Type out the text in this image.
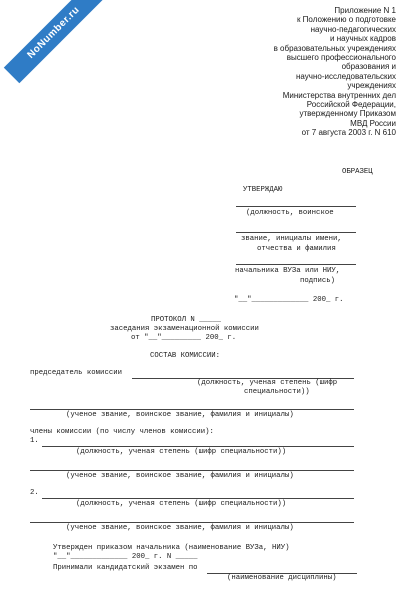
NoNumber.ru	Приложение N 1
к Положению о подготовке
научно-педагогических
и научных кадров
в образовательных учреждениях
высшего профессионального
образования и
научно-исследовательских
учреждениях
Министерства внутренних дел
Российской Федерации,
утвержденному Приказом
МВД России
от 7 августа 2003 г. N 610
ОБРАЗЕЦ
УТВЕРЖДАЮ
(должность, воинское
звание, инициалы имени,
отчества и фамилия
начальника ВУЗа или НИУ,
подпись)
"__"_____________ 200_ г.
ПРОТОКОЛ N _____
заседания экзаменационной комиссии
от "__"_________ 200_ г.
СОСТАВ КОМИССИИ:
председатель комиссии
(должность, ученая степень (шифр
специальности))
(ученое звание, воинское звание, фамилия и инициалы)
члены комиссии (по числу членов комиссии):
1.
(должность, ученая степень (шифр специальности))
(ученое звание, воинское звание, фамилия и инициалы)
2.
(должность, ученая степень (шифр специальности))
(ученое звание, воинское звание, фамилия и инициалы)
Утвержден приказом начальника (наименование ВУЗа, НИУ)
"__"_____________ 200_ г. N _____
Принимали кандидатский экзамен по
(наименование дисциплины)
